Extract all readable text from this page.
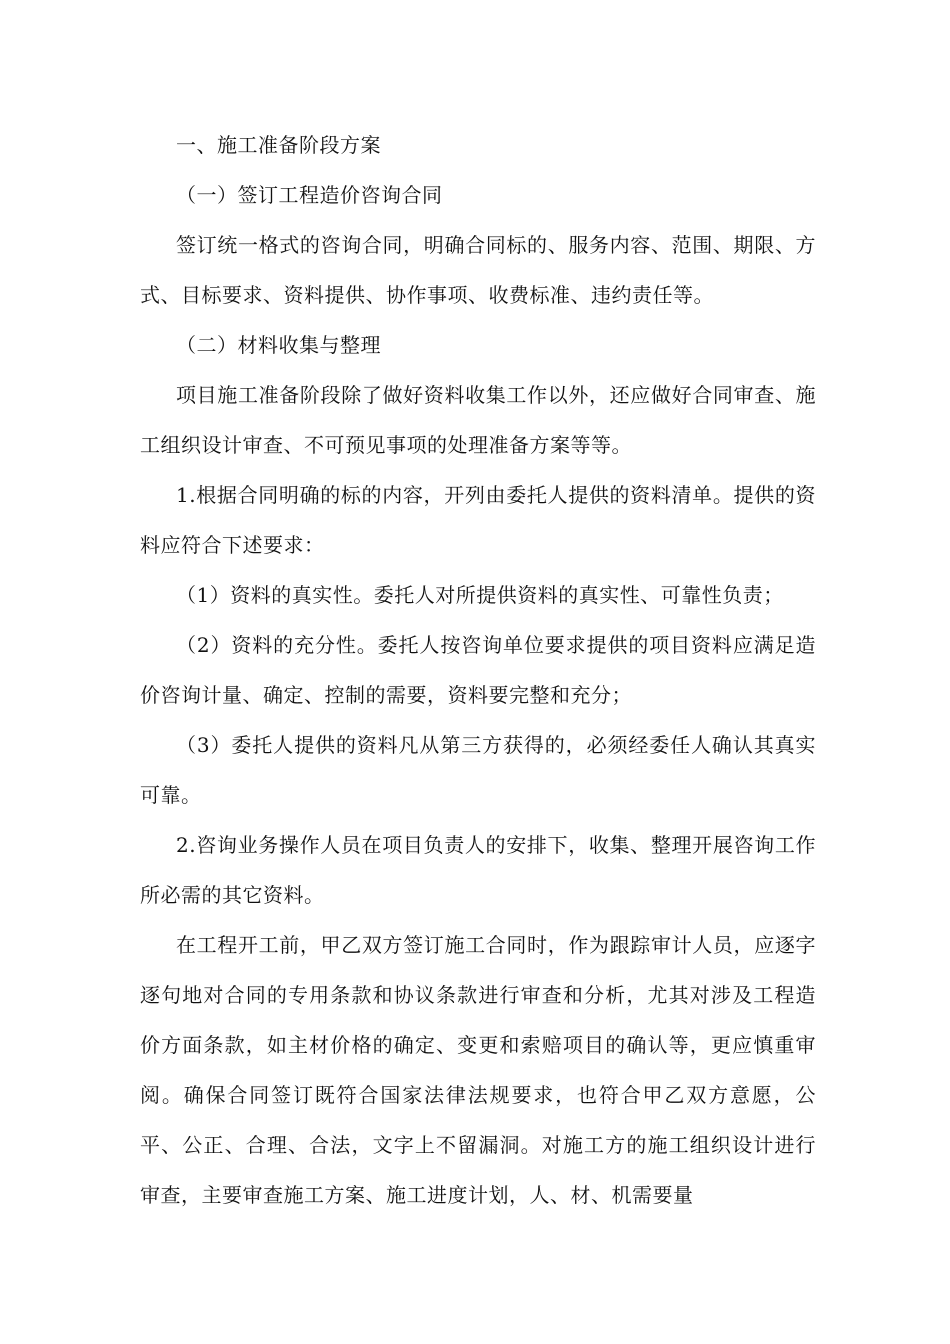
一、施工准备阶段方案

（一）签订工程造价咨询合同

签订统一格式的咨询合同，明确合同标的、服务内容、范围、期限、方式、目标要求、资料提供、协作事项、收费标准、违约责任等。

（二）材料收集与整理

项目施工准备阶段除了做好资料收集工作以外，还应做好合同审查、施工组织设计审查、不可预见事项的处理准备方案等等。

1.根据合同明确的标的内容，开列由委托人提供的资料清单。提供的资料应符合下述要求：

（1）资料的真实性。委托人对所提供资料的真实性、可靠性负责；

（2）资料的充分性。委托人按咨询单位要求提供的项目资料应满足造价咨询计量、确定、控制的需要，资料要完整和充分；

（3）委托人提供的资料凡从第三方获得的，必须经委任人确认其真实可靠。

2.咨询业务操作人员在项目负责人的安排下，收集、整理开展咨询工作所必需的其它资料。

在工程开工前，甲乙双方签订施工合同时，作为跟踪审计人员，应逐字逐句地对合同的专用条款和协议条款进行审查和分析，尤其对涉及工程造价方面条款，如主材价格的确定、变更和索赔项目的确认等，更应慎重审阅。确保合同签订既符合国家法律法规要求，也符合甲乙双方意愿，公平、公正、合理、合法，文字上不留漏洞。对施工方的施工组织设计进行审查，主要审查施工方案、施工进度计划，人、材、机需要量
